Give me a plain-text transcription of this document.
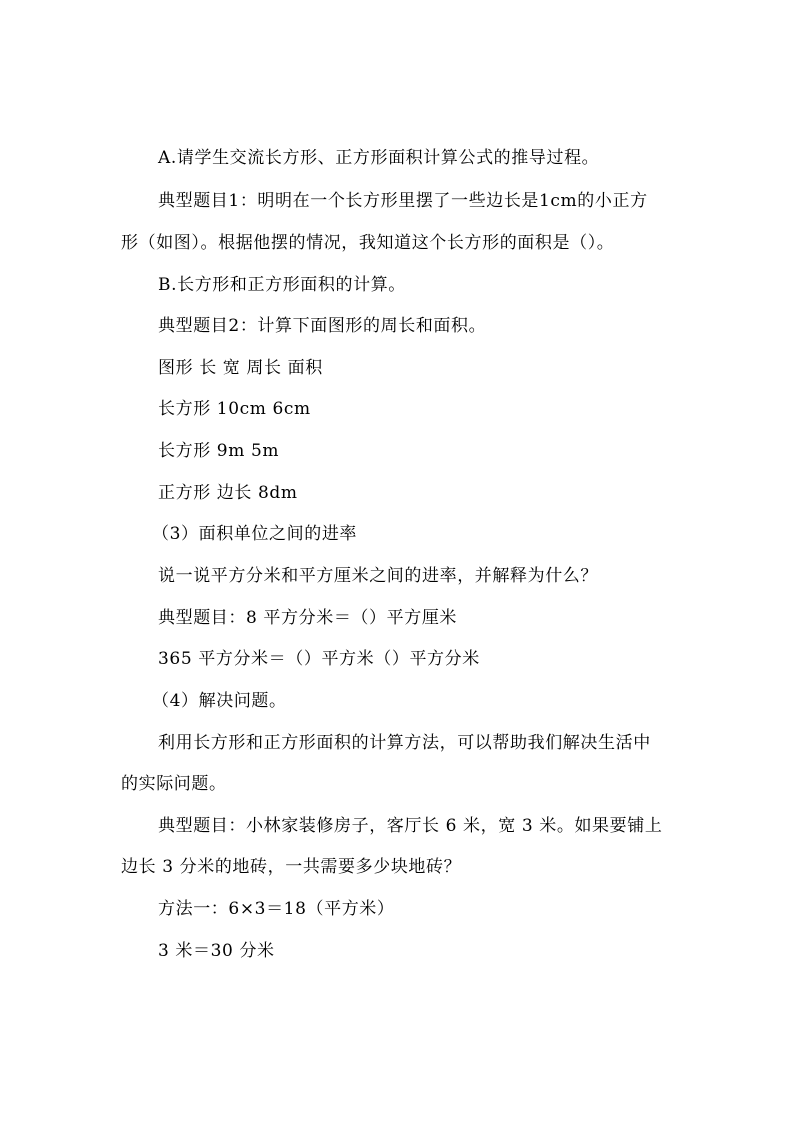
A.请学生交流长方形、正方形面积计算公式的推导过程。
典型题目1：明明在一个长方形里摆了一些边长是1cm的小正方
形（如图）。根据他摆的情况，我知道这个长方形的面积是（）。
B.长方形和正方形面积的计算。
典型题目2：计算下面图形的周长和面积。
图形 长 宽 周长 面积
长方形 10cm 6cm
长方形 9m 5m
正方形 边长 8dm
（3）面积单位之间的进率
说一说平方分米和平方厘米之间的进率，并解释为什么？
典型题目：8 平方分米＝（）平方厘米
365 平方分米＝（）平方米（）平方分米
（4）解决问题。
利用长方形和正方形面积的计算方法，可以帮助我们解决生活中
的实际问题。
典型题目：小林家装修房子，客厅长 6 米，宽 3 米。如果要铺上
边长 3 分米的地砖，一共需要多少块地砖？
方法一：6×3＝18（平方米）
3 米＝30 分米
